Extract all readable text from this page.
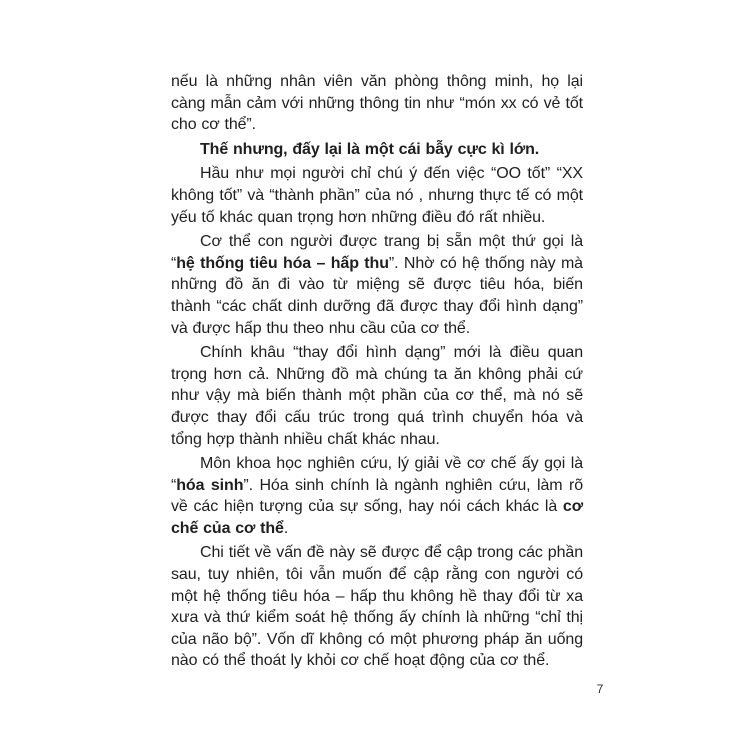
nếu là những nhân viên văn phòng thông minh, họ lại càng mẫn cảm với những thông tin như “món xx có vẻ tốt cho cơ thể”.

Thế nhưng, đấy lại là một cái bẫy cực kì lớn.

Hầu như mọi người chỉ chú ý đến việc “OO tốt” “XX không tốt” và “thành phần” của nó , nhưng thực tế có một yếu tố khác quan trọng hơn những điều đó rất nhiều.

Cơ thể con người được trang bị sẵn một thứ gọi là “hệ thống tiêu hóa – hấp thu”. Nhờ có hệ thống này mà những đồ ăn đi vào từ miệng sẽ được tiêu hóa, biến thành “các chất dinh dưỡng đã được thay đổi hình dạng” và được hấp thu theo nhu cầu của cơ thể.

Chính khâu “thay đổi hình dạng” mới là điều quan trọng hơn cả. Những đồ mà chúng ta ăn không phải cứ như vậy mà biến thành một phần của cơ thể, mà nó sẽ được thay đổi cấu trúc trong quá trình chuyển hóa và tổng hợp thành nhiều chất khác nhau.

Môn khoa học nghiên cứu, lý giải về cơ chế ấy gọi là “hóa sinh”. Hóa sinh chính là ngành nghiên cứu, làm rõ về các hiện tượng của sự sống, hay nói cách khác là cơ chế của cơ thể.

Chi tiết về vấn đề này sẽ được để cập trong các phần sau, tuy nhiên, tôi vẫn muốn để cập rằng con người có một hệ thống tiêu hóa – hấp thu không hề thay đổi từ xa xưa và thứ kiểm soát hệ thống ấy chính là những “chỉ thị của não bộ”. Vốn dĩ không có một phương pháp ăn uống nào có thể thoát ly khỏi cơ chế hoạt động của cơ thể.

7
